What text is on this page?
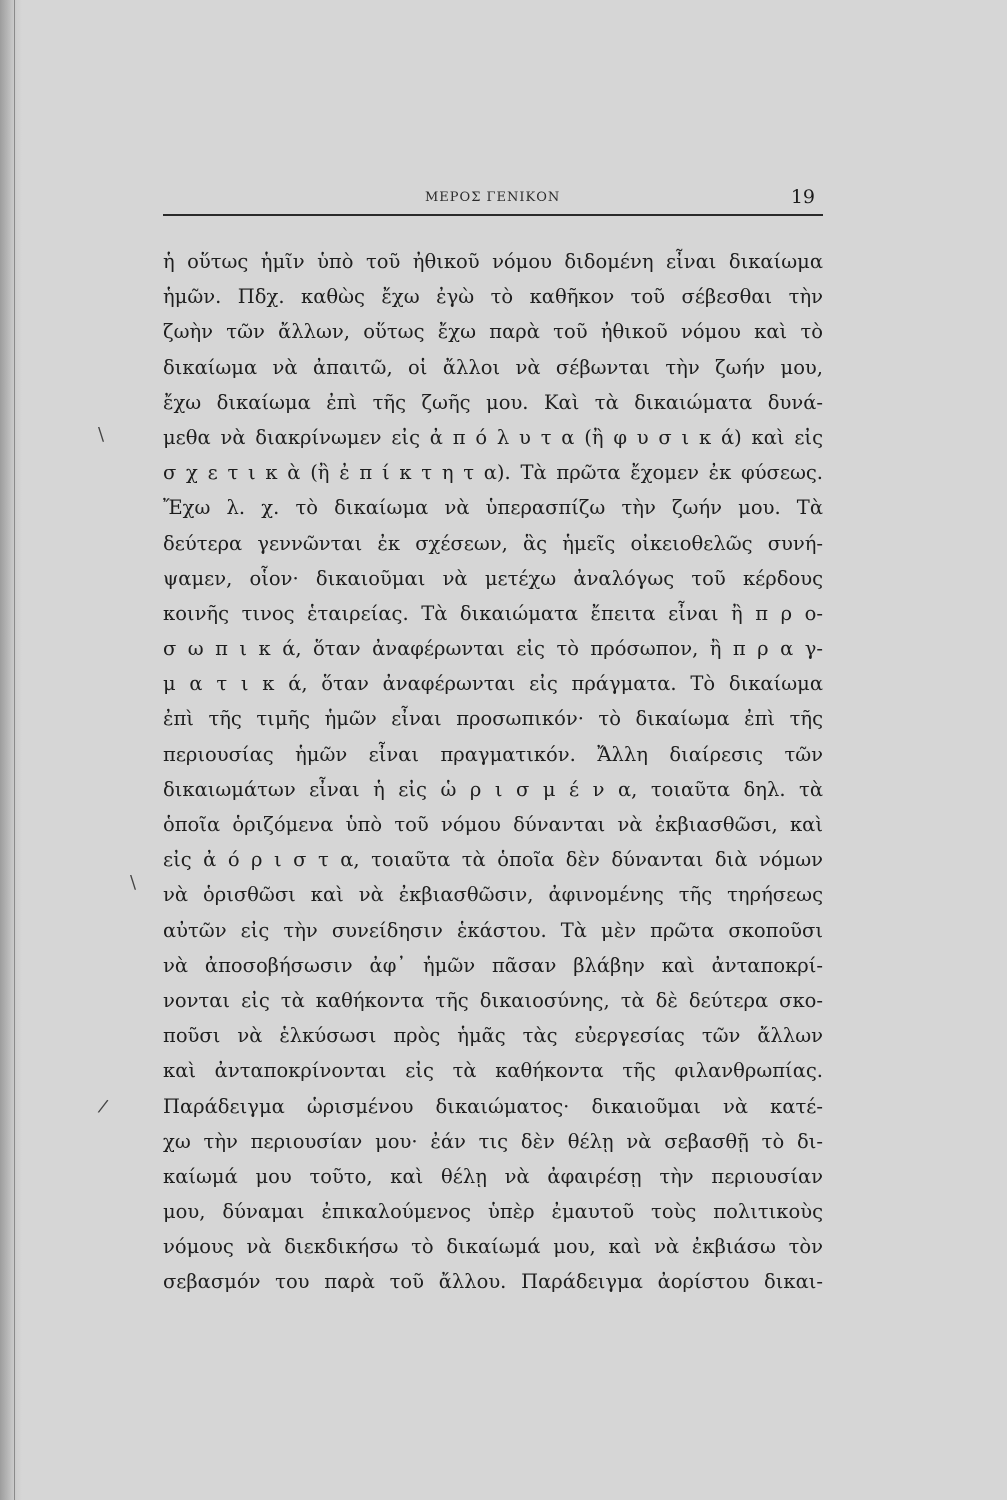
ΜΕΡΟΣ ΓΕΝΙΚΟΝ	19
\
\
/
ἡ οὕτως ἡμῖν ὑπὸ τοῦ ἠθικοῦ νόμου διδομένη εἶναι δικαίωμα
ἡμῶν. Πδχ. καθὼς ἔχω ἐγὼ τὸ καθῆκον τοῦ σέβεσθαι τὴν
ζωὴν τῶν ἄλλων, οὕτως ἔχω παρὰ τοῦ ἠθικοῦ νόμου καὶ τὸ
δικαίωμα νὰ ἀπαιτῶ, οἱ ἄλλοι νὰ σέβωνται τὴν ζωήν μου,
ἔχω δικαίωμα ἐπὶ τῆς ζωῆς μου. Καὶ τὰ δικαιώματα δυνά-
μεθα νὰ διακρίνωμεν εἰς ἀ π ό λ υ τ α (ἢ φ υ σ ι κ ά) καὶ εἰς
σ χ ε τ ι κ ὰ (ἢ ἐ π ί κ τ η τ α). Τὰ πρῶτα ἔχομεν ἐκ φύσεως.
Ἔχω λ. χ. τὸ δικαίωμα νὰ ὑπερασπίζω τὴν ζωήν μου. Τὰ
δεύτερα γεννῶνται ἐκ σχέσεων, ἃς ἡμεῖς οἰκειοθελῶς συνή-
ψαμεν, οἷον· δικαιοῦμαι νὰ μετέχω ἀναλόγως τοῦ κέρδους
κοινῆς τινος ἑταιρείας. Τὰ δικαιώματα ἔπειτα εἶναι ἢ π ρ ο-
σ ω π ι κ ά, ὅταν ἀναφέρωνται εἰς τὸ πρόσωπον, ἢ π ρ α γ-
μ α τ ι κ ά, ὅταν ἀναφέρωνται εἰς πράγματα. Τὸ δικαίωμα
ἐπὶ τῆς τιμῆς ἡμῶν εἶναι προσωπικόν· τὸ δικαίωμα ἐπὶ τῆς
περιουσίας ἡμῶν εἶναι πραγματικόν. Ἄλλη διαίρεσις τῶν
δικαιωμάτων εἶναι ἡ εἰς ὡ ρ ι σ μ έ ν α, τοιαῦτα δηλ. τὰ
ὁποῖα ὁριζόμενα ὑπὸ τοῦ νόμου δύνανται νὰ ἐκβιασθῶσι, καὶ
εἰς ἀ ό ρ ι σ τ α, τοιαῦτα τὰ ὁποῖα δὲν δύνανται διὰ νόμων
νὰ ὁρισθῶσι καὶ νὰ ἐκβιασθῶσιν, ἀφινομένης τῆς τηρήσεως
αὐτῶν εἰς τὴν συνείδησιν ἑκάστου. Τὰ μὲν πρῶτα σκοποῦσι
νὰ ἀποσοβήσωσιν ἀφ᾽ ἡμῶν πᾶσαν βλάβην καὶ ἀνταποκρί-
νονται εἰς τὰ καθήκοντα τῆς δικαιοσύνης, τὰ δὲ δεύτερα σκο-
ποῦσι νὰ ἑλκύσωσι πρὸς ἡμᾶς τὰς εὐεργεσίας τῶν ἄλλων
καὶ ἀνταποκρίνονται εἰς τὰ καθήκοντα τῆς φιλανθρωπίας.
Παράδειγμα ὡρισμένου δικαιώματος· δικαιοῦμαι νὰ κατέ-
χω τὴν περιουσίαν μου· ἐάν τις δὲν θέλῃ νὰ σεβασθῇ τὸ δι-
καίωμά μου τοῦτο, καὶ θέλῃ νὰ ἀφαιρέσῃ τὴν περιουσίαν
μου, δύναμαι ἐπικαλούμενος ὑπὲρ ἐμαυτοῦ τοὺς πολιτικοὺς
νόμους νὰ διεκδικήσω τὸ δικαίωμά μου, καὶ νὰ ἐκβιάσω τὸν
σεβασμόν του παρὰ τοῦ ἄλλου. Παράδειγμα ἀορίστου δικαι-
